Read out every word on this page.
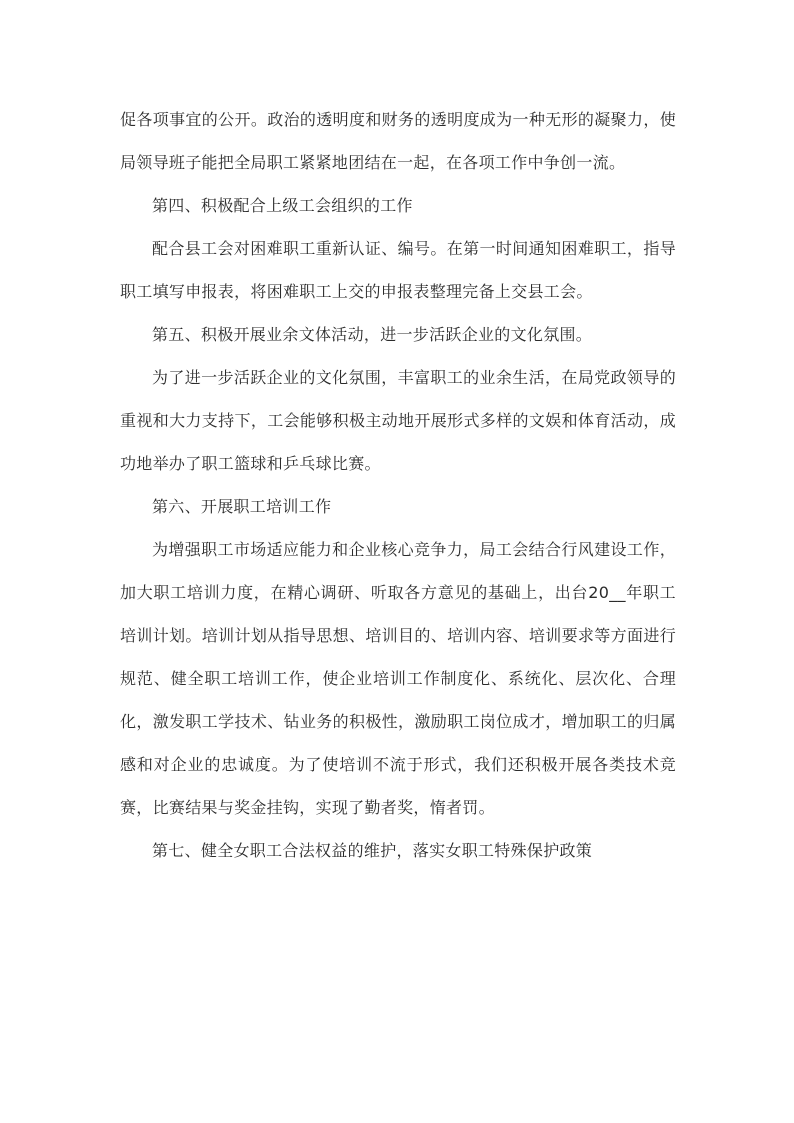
促各项事宜的公开。政治的透明度和财务的透明度成为一种无形的凝聚力，使局领导班子能把全局职工紧紧地团结在一起，在各项工作中争创一流。

第四、积极配合上级工会组织的工作

配合县工会对困难职工重新认证、编号。在第一时间通知困难职工，指导职工填写申报表，将困难职工上交的申报表整理完备上交县工会。

第五、积极开展业余文体活动，进一步活跃企业的文化氛围。

为了进一步活跃企业的文化氛围，丰富职工的业余生活，在局党政领导的重视和大力支持下，工会能够积极主动地开展形式多样的文娱和体育活动，成功地举办了职工篮球和乒乓球比赛。

第六、开展职工培训工作

为增强职工市场适应能力和企业核心竞争力，局工会结合行风建设工作，加大职工培训力度，在精心调研、听取各方意见的基础上，出台20__年职工培训计划。培训计划从指导思想、培训目的、培训内容、培训要求等方面进行规范、健全职工培训工作，使企业培训工作制度化、系统化、层次化、合理化，激发职工学技术、钻业务的积极性，激励职工岗位成才，增加职工的归属感和对企业的忠诚度。为了使培训不流于形式，我们还积极开展各类技术竞赛，比赛结果与奖金挂钩，实现了勤者奖，惰者罚。

第七、健全女职工合法权益的维护，落实女职工特殊保护政策
